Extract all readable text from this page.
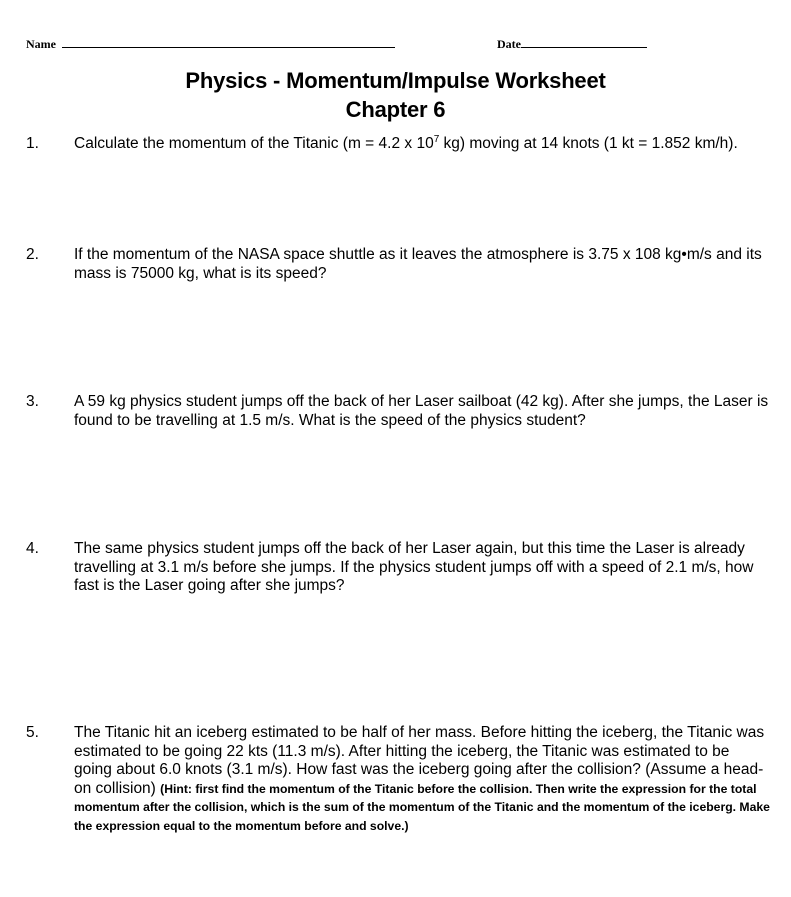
Name	Date
Physics - Momentum/Impulse Worksheet
Chapter 6
1. Calculate the momentum of the Titanic (m = 4.2 x $10^7$ kg) moving at 14 knots (1 kt = 1.852 km/h).
2. If the momentum of the NASA space shuttle as it leaves the atmosphere is 3.75 x 108 kg•m/s and its mass is 75000 kg, what is its speed?
3. A 59 kg physics student jumps off the back of her Laser sailboat (42 kg). After she jumps, the Laser is found to be travelling at 1.5 m/s. What is the speed of the physics student?
4. The same physics student jumps off the back of her Laser again, but this time the Laser is already travelling at 3.1 m/s before she jumps. If the physics student jumps off with a speed of 2.1 m/s, how fast is the Laser going after she jumps?
5. The Titanic hit an iceberg estimated to be half of her mass. Before hitting the iceberg, the Titanic was estimated to be going 22 kts (11.3 m/s). After hitting the iceberg, the Titanic was estimated to be going about 6.0 knots (3.1 m/s). How fast was the iceberg going after the collision? (Assume a head-on collision) (Hint: first find the momentum of the Titanic before the collision. Then write the expression for the total momentum after the collision, which is the sum of the momentum of the Titanic and the momentum of the iceberg. Make the expression equal to the momentum before and solve.)
